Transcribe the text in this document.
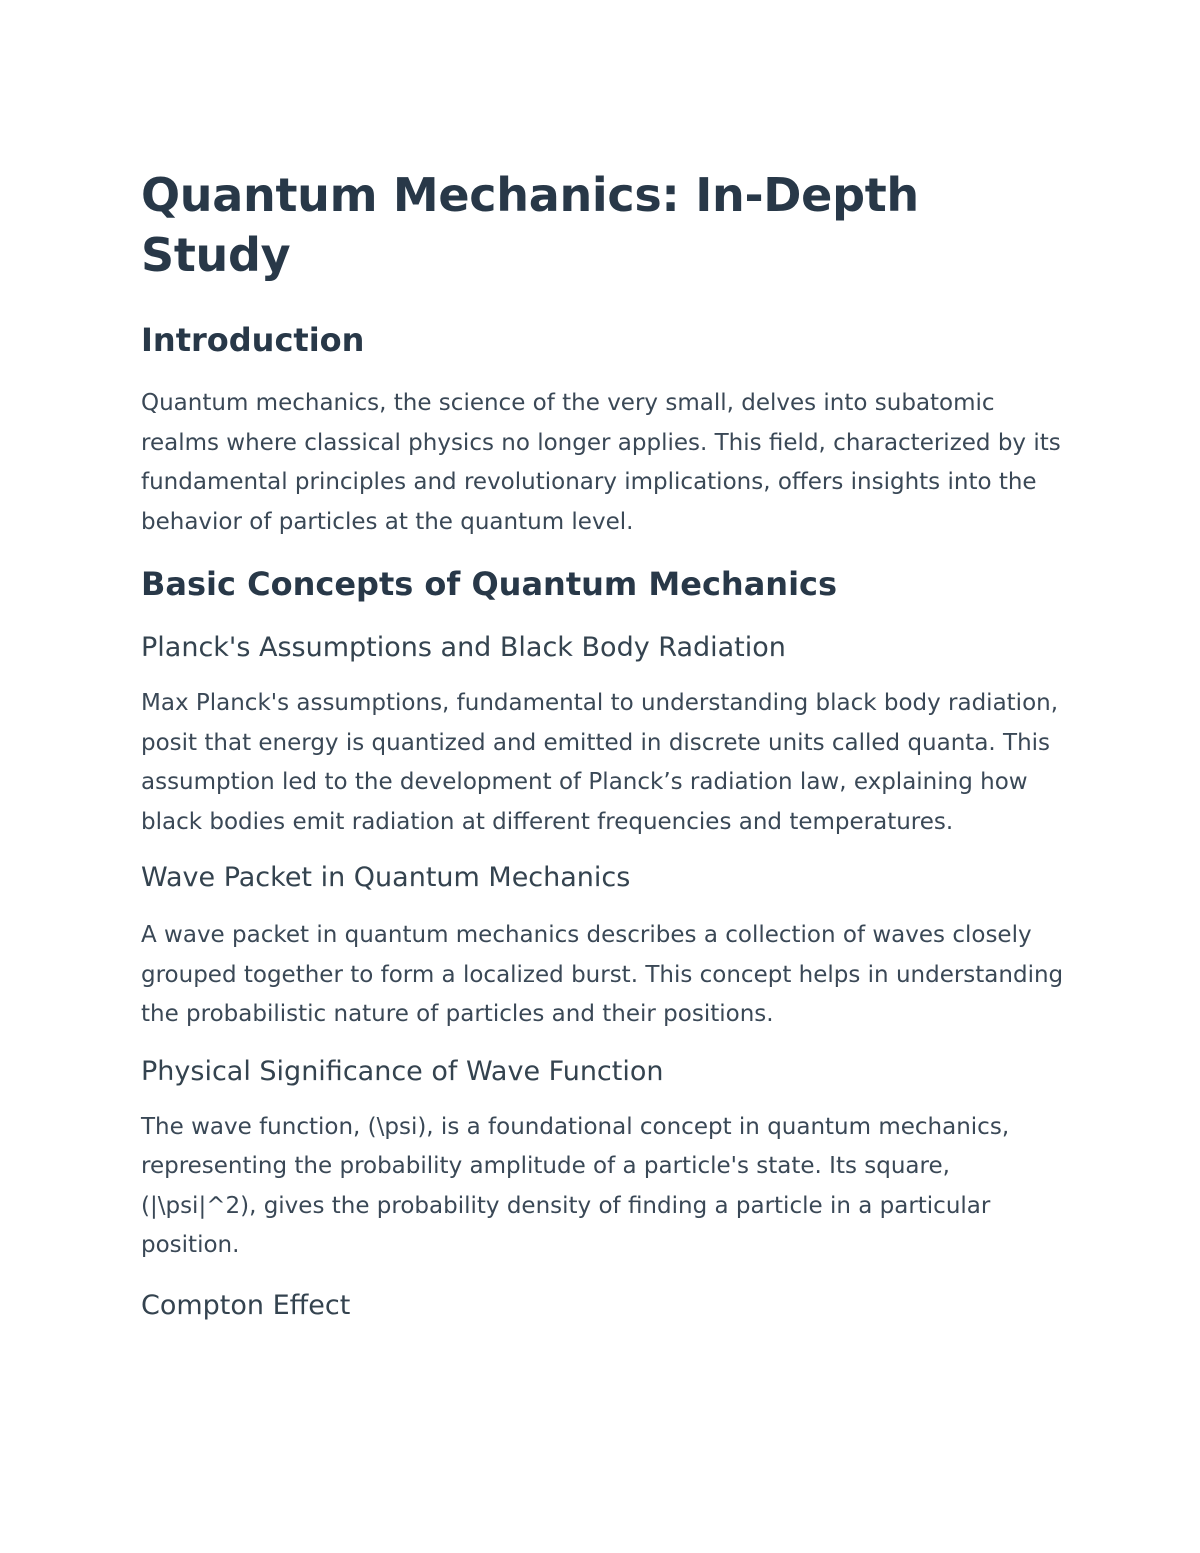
Quantum Mechanics: In-Depth Study
Introduction

Quantum mechanics, the science of the very small, delves into subatomic realms where classical physics no longer applies. This field, characterized by its fundamental principles and revolutionary implications, offers insights into the behavior of particles at the quantum level.

Basic Concepts of Quantum Mechanics
Planck's Assumptions and Black Body Radiation

Max Planck's assumptions, fundamental to understanding black body radiation, posit that energy is quantized and emitted in discrete units called quanta. This assumption led to the development of Planck’s radiation law, explaining how black bodies emit radiation at different frequencies and temperatures.

Wave Packet in Quantum Mechanics

A wave packet in quantum mechanics describes a collection of waves closely grouped together to form a localized burst. This concept helps in understanding the probabilistic nature of particles and their positions.

Physical Significance of Wave Function

The wave function, (\psi), is a foundational concept in quantum mechanics, representing the probability amplitude of a particle's state. Its square, (|\psi|^2), gives the probability density of finding a particle in a particular position.

Compton Effect
